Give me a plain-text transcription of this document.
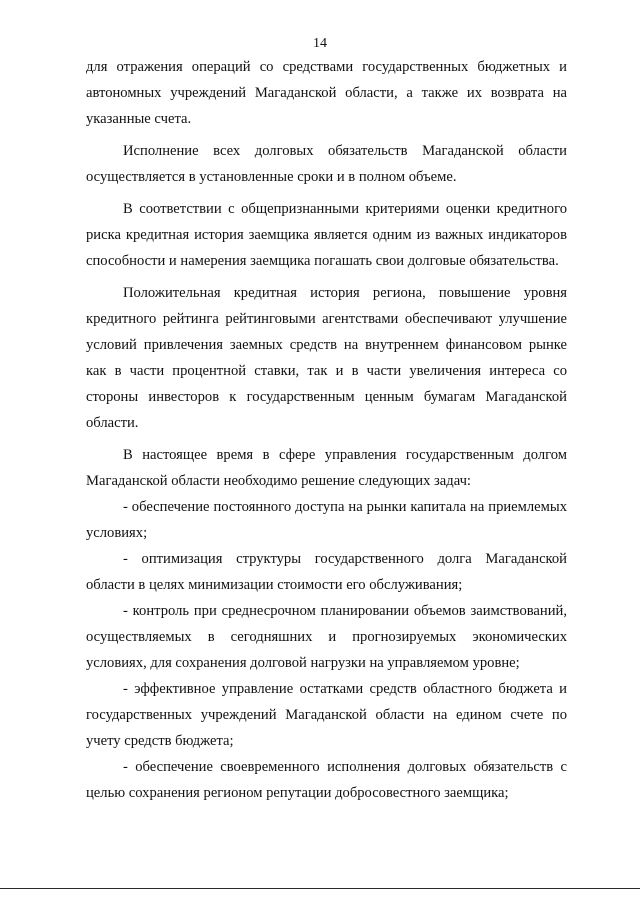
14

для отражения операций со средствами государственных бюджетных и автономных учреждений Магаданской области, а также их возврата на указанные счета.

Исполнение всех долговых обязательств Магаданской области осуществляется в установленные сроки и в полном объеме.

В соответствии с общепризнанными критериями оценки кредитного риска кредитная история заемщика является одним из важных индикаторов способности и намерения заемщика погашать свои долговые обязательства.

Положительная кредитная история региона, повышение уровня кредитного рейтинга рейтинговыми агентствами обеспечивают улучшение условий привлечения заемных средств на внутреннем финансовом рынке как в части процентной ставки, так и в части увеличения интереса со стороны инвесторов к государственным ценным бумагам Магаданской области.

В настоящее время в сфере управления государственным долгом Магаданской области необходимо решение следующих задач:

- обеспечение постоянного доступа на рынки капитала на приемлемых условиях;

- оптимизация структуры государственного долга Магаданской области в целях минимизации стоимости его обслуживания;

- контроль при среднесрочном планировании объемов заимствований, осуществляемых в сегодняшних и прогнозируемых экономических условиях, для сохранения долговой нагрузки на управляемом уровне;

- эффективное управление остатками средств областного бюджета и государственных учреждений Магаданской области на едином счете по учету средств бюджета;

- обеспечение своевременного исполнения долговых обязательств с целью сохранения регионом репутации добросовестного заемщика;
